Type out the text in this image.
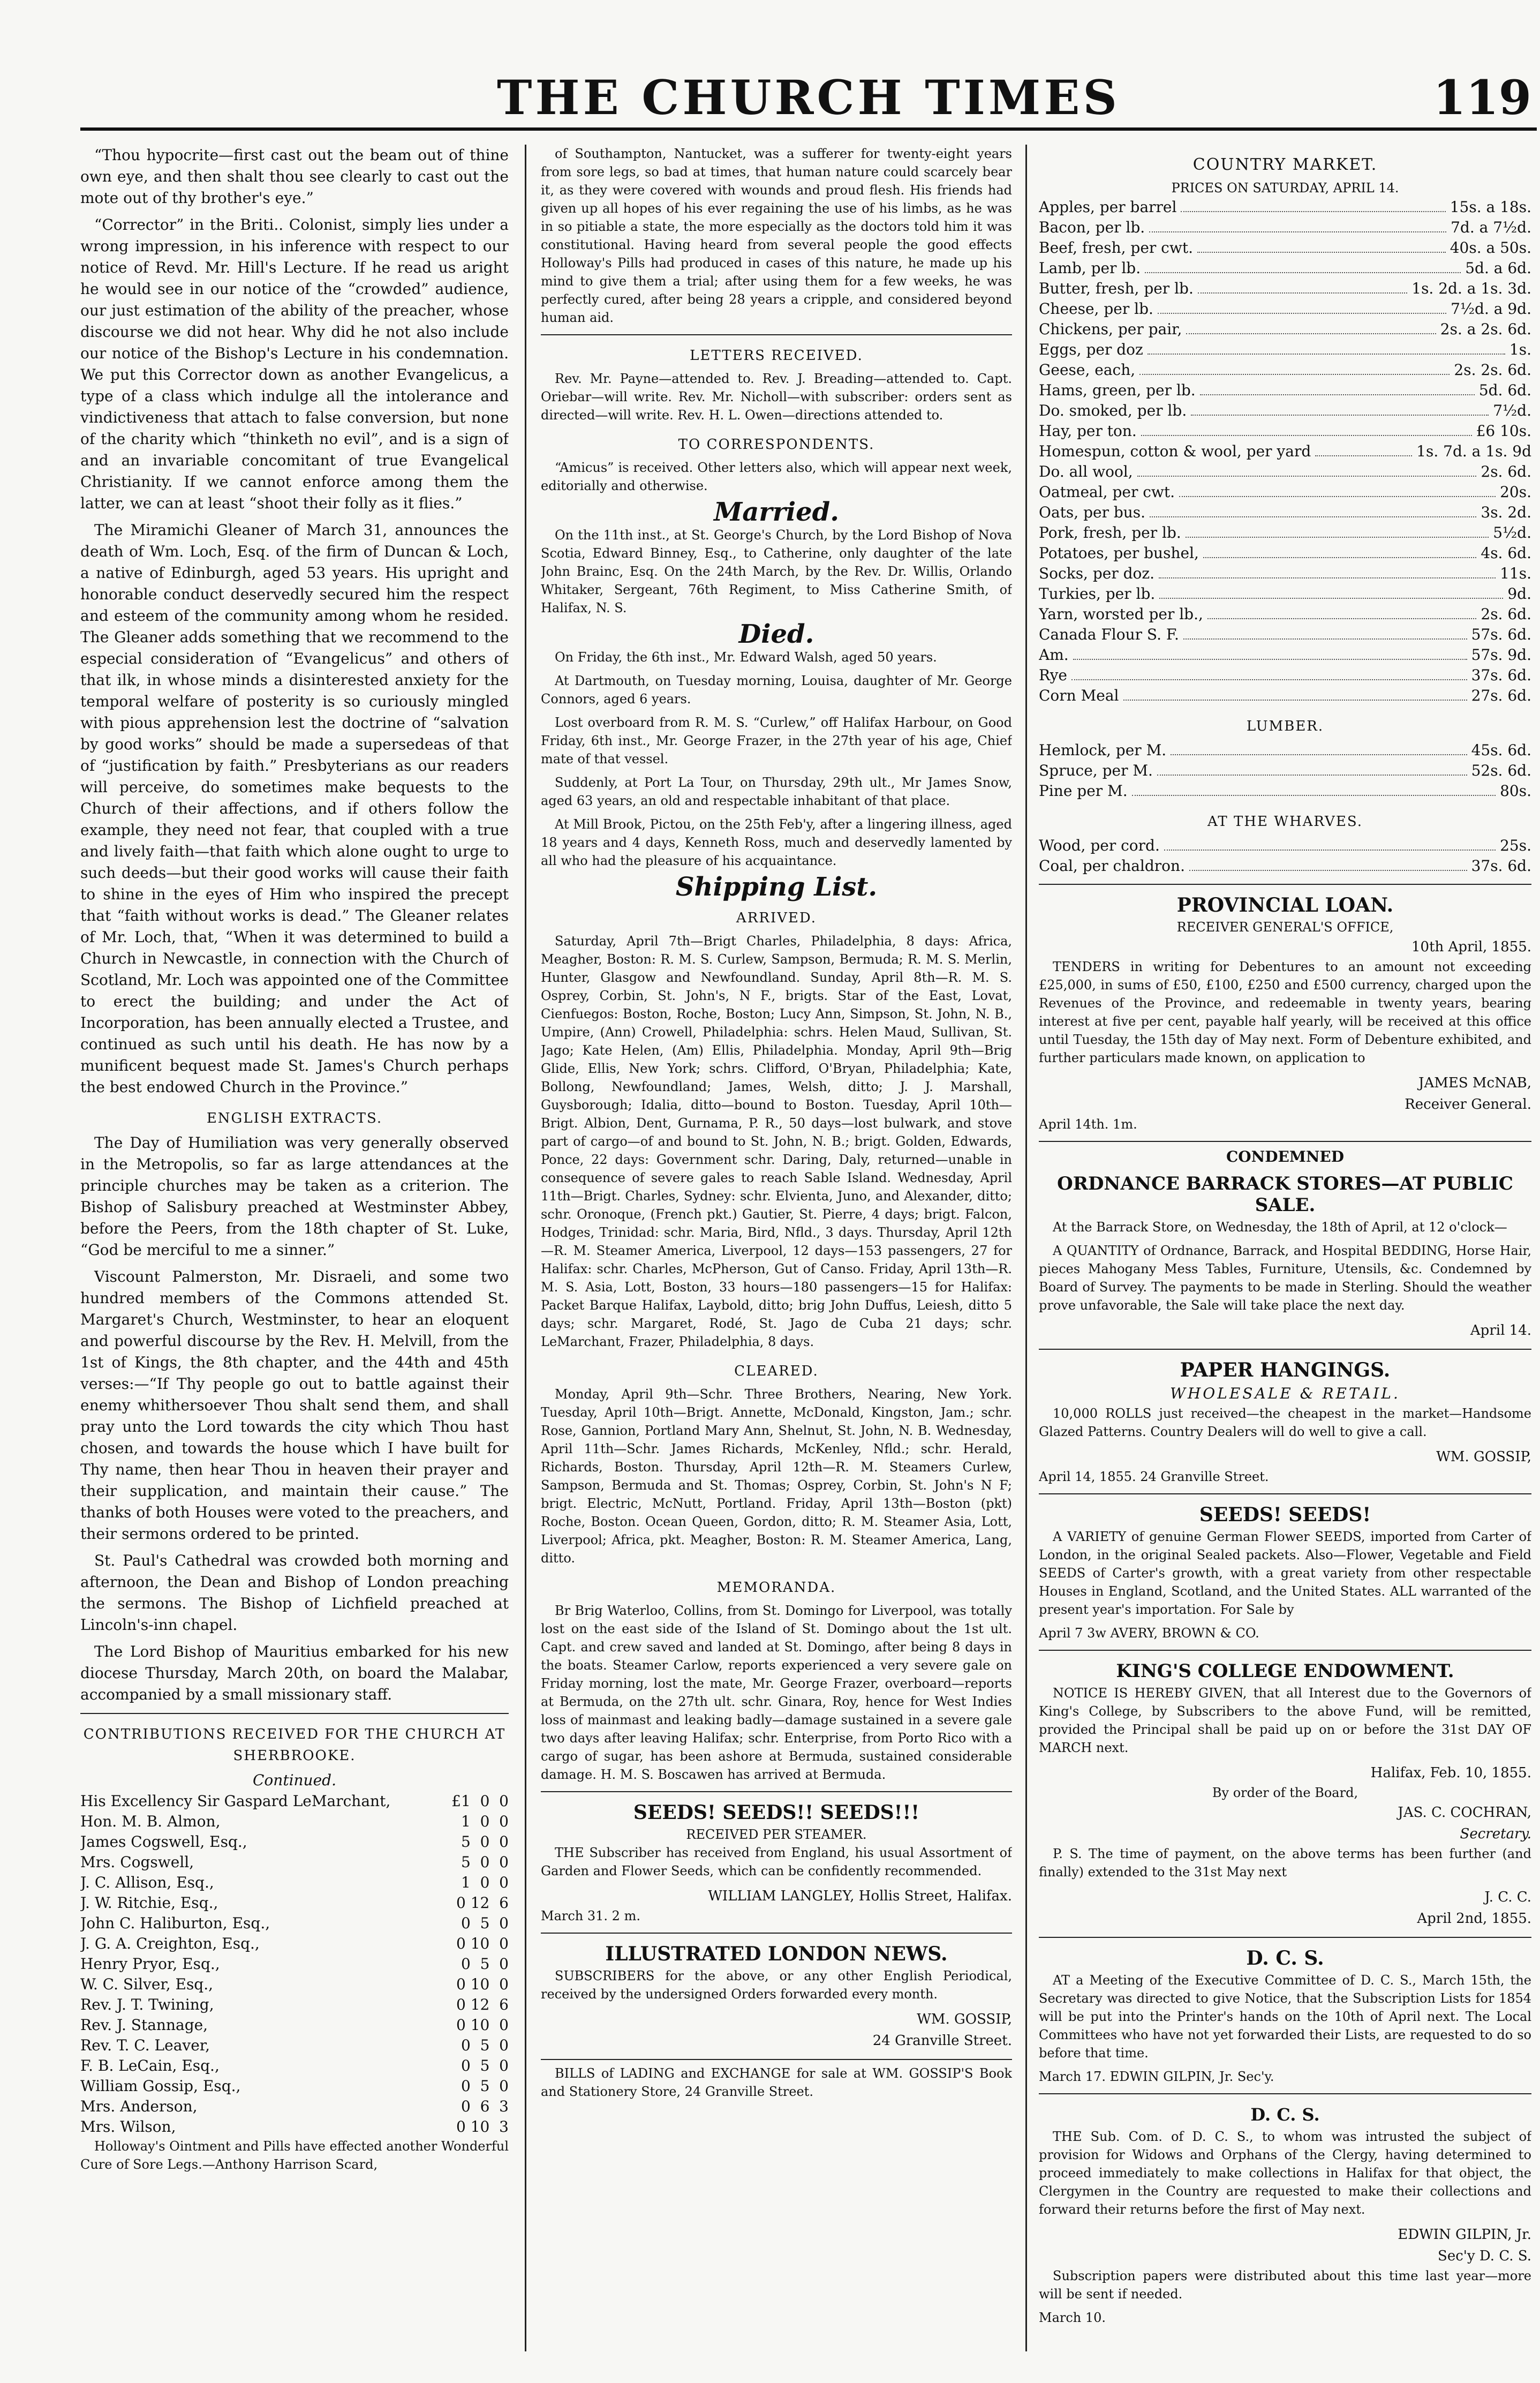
THE CHURCH TIMES	119

“Thou hypocrite—first cast out the beam out of thine own eye, and then shalt thou see clearly to cast out the mote out of thy brother's eye.”

“Corrector” in the Briti.. Colonist, simply lies under a wrong impression, in his inference with respect to our notice of Revd. Mr. Hill's Lecture. If he read us aright he would see in our notice of the “crowded” audience, our just estimation of the ability of the preacher, whose discourse we did not hear. Why did he not also include our notice of the Bishop's Lecture in his condemnation. We put this Corrector down as another Evangelicus, a type of a class which indulge all the intolerance and vindictiveness that attach to false conversion, but none of the charity which “thinketh no evil”, and is a sign of and an invariable concomitant of true Evangelical Christianity. If we cannot enforce among them the latter, we can at least “shoot their folly as it flies.”

The Miramichi Gleaner of March 31, announces the death of Wm. Loch, Esq. of the firm of Duncan & Loch, a native of Edinburgh, aged 53 years. His upright and honorable conduct deservedly secured him the respect and esteem of the community among whom he resided. The Gleaner adds something that we recommend to the especial consideration of “Evangelicus” and others of that ilk, in whose minds a disinterested anxiety for the temporal welfare of posterity is so curiously mingled with pious apprehension lest the doctrine of “salvation by good works” should be made a supersedeas of that of “justification by faith.” Presbyterians as our readers will perceive, do sometimes make bequests to the Church of their affections, and if others follow the example, they need not fear, that coupled with a true and lively faith—that faith which alone ought to urge to such deeds—but their good works will cause their faith to shine in the eyes of Him who inspired the precept that “faith without works is dead.” The Gleaner relates of Mr. Loch, that, “When it was determined to build a Church in Newcastle, in connection with the Church of Scotland, Mr. Loch was appointed one of the Committee to erect the building; and under the Act of Incorporation, has been annually elected a Trustee, and continued as such until his death. He has now by a munificent bequest made St. James's Church perhaps the best endowed Church in the Province.”

ENGLISH EXTRACTS.

The Day of Humiliation was very generally observed in the Metropolis, so far as large attendances at the principle churches may be taken as a criterion. The Bishop of Salisbury preached at Westminster Abbey, before the Peers, from the 18th chapter of St. Luke, “God be merciful to me a sinner.”

Viscount Palmerston, Mr. Disraeli, and some two hundred members of the Commons attended St. Margaret's Church, Westminster, to hear an eloquent and powerful discourse by the Rev. H. Melvill, from the 1st of Kings, the 8th chapter, and the 44th and 45th verses:—“If Thy people go out to battle against their enemy whithersoever Thou shalt send them, and shall pray unto the Lord towards the city which Thou hast chosen, and towards the house which I have built for Thy name, then hear Thou in heaven their prayer and their supplication, and maintain their cause.” The thanks of both Houses were voted to the preachers, and their sermons ordered to be printed.

St. Paul's Cathedral was crowded both morning and afternoon, the Dean and Bishop of London preaching the sermons. The Bishop of Lichfield preached at Lincoln's-inn chapel.

The Lord Bishop of Mauritius embarked for his new diocese Thursday, March 20th, on board the Malabar, accompanied by a small missionary staff.

CONTRIBUTIONS RECEIVED FOR THE CHURCH AT SHERBROOKE.
Continued.
His Excellency Sir Gaspard LeMarchant,	£1  0  0
Hon. M. B. Almon,	1  0  0
James Cogswell, Esq.,	5  0  0
Mrs. Cogswell,	5  0  0
J. C. Allison, Esq.,	1  0  0
J. W. Ritchie, Esq.,	0 12  6
John C. Haliburton, Esq.,	0  5  0
J. G. A. Creighton, Esq.,	0 10  0
Henry Pryor, Esq.,	0  5  0
W. C. Silver, Esq.,	0 10  0
Rev. J. T. Twining,	0 12  6
Rev. J. Stannage,	0 10  0
Rev. T. C. Leaver,	0  5  0
F. B. LeCain, Esq.,	0  5  0
William Gossip, Esq.,	0  5  0
Mrs. Anderson,	0  6  3
Mrs. Wilson,	0 10  3

Holloway's Ointment and Pills have effected another Wonderful Cure of Sore Legs.—Anthony Harrison Scard,

of Southampton, Nantucket, was a sufferer for twenty-eight years from sore legs, so bad at times, that human nature could scarcely bear it, as they were covered with wounds and proud flesh. His friends had given up all hopes of his ever regaining the use of his limbs, as he was in so pitiable a state, the more especially as the doctors told him it was constitutional. Having heard from several people the good effects Holloway's Pills had produced in cases of this nature, he made up his mind to give them a trial; after using them for a few weeks, he was perfectly cured, after being 28 years a cripple, and considered beyond human aid.

LETTERS RECEIVED.

Rev. Mr. Payne—attended to. Rev. J. Breading—attended to. Capt. Oriebar—will write. Rev. Mr. Nicholl—with subscriber: orders sent as directed—will write. Rev. H. L. Owen—directions attended to.

TO CORRESPONDENTS.

“Amicus” is received. Other letters also, which will appear next week, editorially and otherwise.

Married.

On the 11th inst., at St. George's Church, by the Lord Bishop of Nova Scotia, Edward Binney, Esq., to Catherine, only daughter of the late John Brainc, Esq. On the 24th March, by the Rev. Dr. Willis, Orlando Whitaker, Sergeant, 76th Regiment, to Miss Catherine Smith, of Halifax, N. S.

Died.

On Friday, the 6th inst., Mr. Edward Walsh, aged 50 years.

At Dartmouth, on Tuesday morning, Louisa, daughter of Mr. George Connors, aged 6 years.

Lost overboard from R. M. S. “Curlew,” off Halifax Harbour, on Good Friday, 6th inst., Mr. George Frazer, in the 27th year of his age, Chief mate of that vessel.

Suddenly, at Port La Tour, on Thursday, 29th ult., Mr James Snow, aged 63 years, an old and respectable inhabitant of that place.

At Mill Brook, Pictou, on the 25th Feb'y, after a lingering illness, aged 18 years and 4 days, Kenneth Ross, much and deservedly lamented by all who had the pleasure of his acquaintance.

Shipping List.
ARRIVED.

Saturday, April 7th—Brigt Charles, Philadelphia, 8 days: Africa, Meagher, Boston: R. M. S. Curlew, Sampson, Bermuda; R. M. S. Merlin, Hunter, Glasgow and Newfoundland. Sunday, April 8th—R. M. S. Osprey, Corbin, St. John's, N F., brigts. Star of the East, Lovat, Cienfuegos: Boston, Roche, Boston; Lucy Ann, Simpson, St. John, N. B., Umpire, (Ann) Crowell, Philadelphia: schrs. Helen Maud, Sullivan, St. Jago; Kate Helen, (Am) Ellis, Philadelphia. Monday, April 9th—Brig Glide, Ellis, New York; schrs. Clifford, O'Bryan, Philadelphia; Kate, Bollong, Newfoundland; James, Welsh, ditto; J. J. Marshall, Guysborough; Idalia, ditto—bound to Boston. Tuesday, April 10th—Brigt. Albion, Dent, Gurnama, P. R., 50 days—lost bulwark, and stove part of cargo—of and bound to St. John, N. B.; brigt. Golden, Edwards, Ponce, 22 days: Government schr. Daring, Daly, returned—unable in consequence of severe gales to reach Sable Island. Wednesday, April 11th—Brigt. Charles, Sydney: schr. Elvienta, Juno, and Alexander, ditto; schr. Oronoque, (French pkt.) Gautier, St. Pierre, 4 days; brigt. Falcon, Hodges, Trinidad: schr. Maria, Bird, Nfld., 3 days. Thursday, April 12th—R. M. Steamer America, Liverpool, 12 days—153 passengers, 27 for Halifax: schr. Charles, McPherson, Gut of Canso. Friday, April 13th—R. M. S. Asia, Lott, Boston, 33 hours—180 passengers—15 for Halifax: Packet Barque Halifax, Laybold, ditto; brig John Duffus, Leiesh, ditto 5 days; schr. Margaret, Rodé, St. Jago de Cuba 21 days; schr. LeMarchant, Frazer, Philadelphia, 8 days.

CLEARED.

Monday, April 9th—Schr. Three Brothers, Nearing, New York. Tuesday, April 10th—Brigt. Annette, McDonald, Kingston, Jam.; schr. Rose, Gannion, Portland Mary Ann, Shelnut, St. John, N. B. Wednesday, April 11th—Schr. James Richards, McKenley, Nfld.; schr. Herald, Richards, Boston. Thursday, April 12th—R. M. Steamers Curlew, Sampson, Bermuda and St. Thomas; Osprey, Corbin, St. John's N F; brigt. Electric, McNutt, Portland. Friday, April 13th—Boston (pkt) Roche, Boston. Ocean Queen, Gordon, ditto; R. M. Steamer Asia, Lott, Liverpool; Africa, pkt. Meagher, Boston: R. M. Steamer America, Lang, ditto.

MEMORANDA.

Br Brig Waterloo, Collins, from St. Domingo for Liverpool, was totally lost on the east side of the Island of St. Domingo about the 1st ult. Capt. and crew saved and landed at St. Domingo, after being 8 days in the boats. Steamer Carlow, reports experienced a very severe gale on Friday morning, lost the mate, Mr. George Frazer, overboard—reports at Bermuda, on the 27th ult. schr. Ginara, Roy, hence for West Indies loss of mainmast and leaking badly—damage sustained in a severe gale two days after leaving Halifax; schr. Enterprise, from Porto Rico with a cargo of sugar, has been ashore at Bermuda, sustained considerable damage. H. M. S. Boscawen has arrived at Bermuda.

SEEDS! SEEDS!! SEEDS!!!
RECEIVED PER STEAMER.

THE Subscriber has received from England, his usual Assortment of Garden and Flower Seeds, which can be confidently recommended.

WILLIAM LANGLEY, Hollis Street, Halifax.
March 31. 2 m.
ILLUSTRATED LONDON NEWS.

SUBSCRIBERS for the above, or any other English Periodical, received by the undersigned Orders forwarded every month.

WM. GOSSIP,
24 Granville Street.

BILLS of LADING and EXCHANGE for sale at WM. GOSSIP'S Book and Stationery Store, 24 Granville Street.

COUNTRY MARKET.
PRICES ON SATURDAY, APRIL 14.
Apples, per barrel	15s. a 18s.
Bacon, per lb.	7d. a 7½d.
Beef, fresh, per cwt.	40s. a 50s.
Lamb, per lb.	5d. a 6d.
Butter, fresh, per lb.	1s. 2d. a 1s. 3d.
Cheese, per lb.	7½d. a 9d.
Chickens, per pair,	2s. a 2s. 6d.
Eggs, per doz	1s.
Geese, each,	2s. 2s. 6d.
Hams, green, per lb.	5d. 6d.
Do. smoked, per lb.	7½d.
Hay, per ton.	£6 10s.
Homespun, cotton & wool, per yard	1s. 7d. a 1s. 9d
Do. all wool,	2s. 6d.
Oatmeal, per cwt.	20s.
Oats, per bus.	3s. 2d.
Pork, fresh, per lb.	5½d.
Potatoes, per bushel,	4s. 6d.
Socks, per doz.	11s.
Turkies, per lb.	9d.
Yarn, worsted per lb.,	2s. 6d.
Canada Flour S. F.	57s. 6d.
Am.	57s. 9d.
Rye	37s. 6d.
Corn Meal	27s. 6d.
LUMBER.
Hemlock, per M.	45s. 6d.
Spruce, per M.	52s. 6d.
Pine per M.	80s.
AT THE WHARVES.
Wood, per cord.	25s.
Coal, per chaldron.	37s. 6d.
PROVINCIAL LOAN.
RECEIVER GENERAL'S OFFICE,
10th April, 1855.

TENDERS in writing for Debentures to an amount not exceeding £25,000, in sums of £50, £100, £250 and £500 currency, charged upon the Revenues of the Province, and redeemable in twenty years, bearing interest at five per cent, payable half yearly, will be received at this office until Tuesday, the 15th day of May next. Form of Debenture exhibited, and further particulars made known, on application to

JAMES McNAB,
Receiver General.
April 14th. 1m.
CONDEMNED
ORDNANCE BARRACK STORES—AT PUBLIC SALE.

At the Barrack Store, on Wednesday, the 18th of April, at 12 o'clock—

A QUANTITY of Ordnance, Barrack, and Hospital BEDDING, Horse Hair, pieces Mahogany Mess Tables, Furniture, Utensils, &c. Condemned by Board of Survey. The payments to be made in Sterling. Should the weather prove unfavorable, the Sale will take place the next day.

April 14.
PAPER HANGINGS.
WHOLESALE & RETAIL.

10,000 ROLLS just received—the cheapest in the market—Handsome Glazed Patterns. Country Dealers will do well to give a call.

WM. GOSSIP,
April 14, 1855. 24 Granville Street.
SEEDS! SEEDS!

A VARIETY of genuine German Flower SEEDS, imported from Carter of London, in the original Sealed packets. Also—Flower, Vegetable and Field SEEDS of Carter's growth, with a great variety from other respectable Houses in England, Scotland, and the United States. ALL warranted of the present year's importation. For Sale by

April 7 3w AVERY, BROWN & CO.
KING'S COLLEGE ENDOWMENT.

NOTICE IS HEREBY GIVEN, that all Interest due to the Governors of King's College, by Subscribers to the above Fund, will be remitted, provided the Principal shall be paid up on or before the 31st DAY OF MARCH next.

Halifax, Feb. 10, 1855.
By order of the Board,
JAS. C. COCHRAN,
Secretary.

P. S. The time of payment, on the above terms has been further (and finally) extended to the 31st May next

J. C. C.
April 2nd, 1855.
D. C. S.

AT a Meeting of the Executive Committee of D. C. S., March 15th, the Secretary was directed to give Notice, that the Subscription Lists for 1854 will be put into the Printer's hands on the 10th of April next. The Local Committees who have not yet forwarded their Lists, are requested to do so before that time.

March 17. EDWIN GILPIN, Jr. Sec'y.
D. C. S.

THE Sub. Com. of D. C. S., to whom was intrusted the subject of provision for Widows and Orphans of the Clergy, having determined to proceed immediately to make collections in Halifax for that object, the Clergymen in the Country are requested to make their collections and forward their returns before the first of May next.

EDWIN GILPIN, Jr.
Sec'y D. C. S.

Subscription papers were distributed about this time last year—more will be sent if needed.

March 10.
